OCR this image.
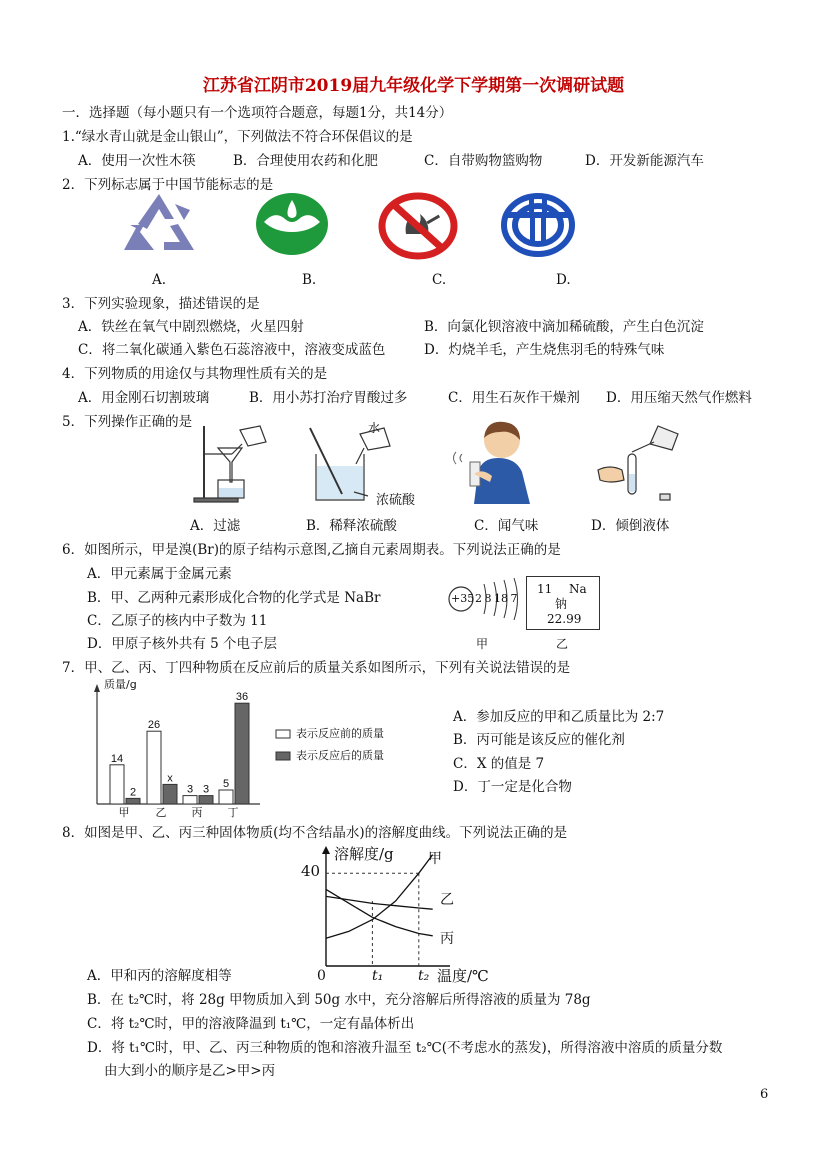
江苏省江阴市2019届九年级化学下学期第一次调研试题
一．选择题（每小题只有一个选项符合题意，每题1分，共14分）
1.“绿水青山就是金山银山”，下列做法不符合环保倡议的是
A．使用一次性木筷	B．合理使用农药和化肥	C．自带购物篮购物	D．开发新能源汽车
2．下列标志属于中国节能标志的是
A.	B.	C.	D.
3．下列实验现象，描述错误的是
A．铁丝在氧气中剧烈燃烧，火星四射	B．向氯化钡溶液中滴加稀硫酸，产生白色沉淀
C．将二氧化碳通入紫色石蕊溶液中，溶液变成蓝色	D．灼烧羊毛，产生烧焦羽毛的特殊气味
4．下列物质的用途仅与其物理性质有关的是
A．用金刚石切割玻璃	B．用小苏打治疗胃酸过多	C．用生石灰作干燥剂 D．用压缩天然气作燃料
5．下列操作正确的是	水
浓硫酸
A．过滤	B．稀释浓硫酸	C．闻气味	D．倾倒液体
6．如图所示，甲是溴(Br)的原子结构示意图,乙摘自元素周期表。下列说法正确的是
A．甲元素属于金属元素
B．甲、乙两种元素形成化合物的化学式是 NaBr
C．乙原子的核内中子数为 11
D．甲原子核外共有 5 个电子层
+35 2 8 18 7
甲
11 Na
钠
22.99
乙
7．甲、乙、丙、丁四种物质在反应前后的质量关系如图所示，下列有关说法错误的是
14
2
甲
26
x
乙
3 3
丙
5
36
丁
质量/g
表示反应前的质量
表示反应后的质量
A．参加反应的甲和乙质量比为 2:7
B．丙可能是该反应的催化剂
C．X 的值是 7
D．丁一定是化合物
8．如图是甲、乙、丙三种固体物质(均不含结晶水)的溶解度曲线。下列说法正确的是
溶解度/g
40
甲
乙
丙
0	t₁ t₂ 温度/℃
A．甲和丙的溶解度相等
B．在 t₂℃时，将 28g 甲物质加入到 50g 水中，充分溶解后所得溶液的质量为 78g
C．将 t₂℃时，甲的溶液降温到 t₁℃，一定有晶体析出
D．将 t₁℃时，甲、乙、丙三种物质的饱和溶液升温至 t₂℃(不考虑水的蒸发)，所得溶液中溶质的质量分数
由大到小的顺序是乙>甲>丙
6
